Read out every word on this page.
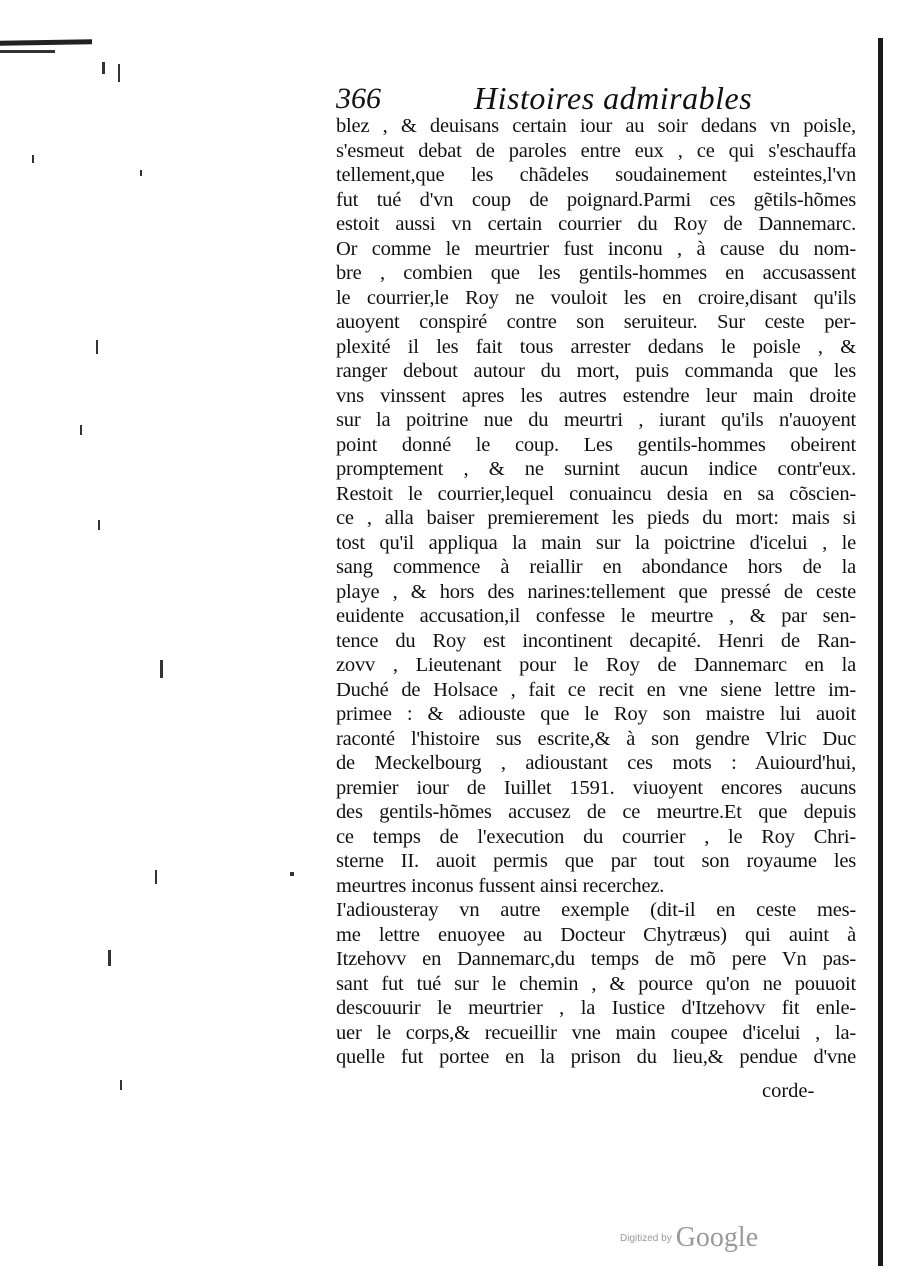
366	Histoires admirables
blez , & deuisans certain iour au soir dedans vn poisle,
s'esmeut debat de paroles entre eux , ce qui s'eschauffa
tellement,que les chãdeles soudainement esteintes,l'vn
fut tué d'vn coup de poignard.Parmi ces gẽtils-hõmes
estoit aussi vn certain courrier du Roy de Dannemarc.
Or comme le meurtrier fust inconu , à cause du nom-
bre , combien que les gentils-hommes en accusassent
le courrier,le Roy ne vouloit les en croire,disant qu'ils
auoyent conspiré contre son seruiteur. Sur ceste per-
plexité il les fait tous arrester dedans le poisle , &
ranger debout autour du mort, puis commanda que les
vns vinssent apres les autres estendre leur main droite
sur la poitrine nue du meurtri , iurant qu'ils n'auoyent
point donné le coup. Les gentils-hommes obeirent
promptement , & ne surnint aucun indice contr'eux.
Restoit le courrier,lequel conuaincu desia en sa cõscien-
ce , alla baiser premierement les pieds du mort: mais si
tost qu'il appliqua la main sur la poictrine d'icelui , le
sang commence à reiallir en abondance hors de la
playe , & hors des narines:tellement que pressé de ceste
euidente accusation,il confesse le meurtre , & par sen-
tence du Roy est incontinent decapité. Henri de Ran-
zovv , Lieutenant pour le Roy de Dannemarc en la
Duché de Holsace , fait ce recit en vne siene lettre im-
primee : & adiouste que le Roy son maistre lui auoit
raconté l'histoire sus escrite,& à son gendre Vlric Duc
de Meckelbourg , adioustant ces mots : Auiourd'hui,
premier iour de Iuillet 1591. viuoyent encores aucuns
des gentils-hõmes accusez de ce meurtre.Et que depuis
ce temps de l'execution du courrier , le Roy Chri-
sterne II. auoit permis que par tout son royaume les
meurtres inconus fussent ainsi recerchez.
I'adiousteray vn autre exemple (dit-il en ceste mes-
me lettre enuoyee au Docteur Chytræus) qui auint à
Itzehovv en Dannemarc,du temps de mõ pere Vn pas-
sant fut tué sur le chemin , & pource qu'on ne pouuoit
descouurir le meurtrier , la Iustice d'Itzehovv fit enle-
uer le corps,& recueillir vne main coupee d'icelui , la-
quelle fut portee en la prison du lieu,& pendue d'vne
corde-
Digitized by Google
